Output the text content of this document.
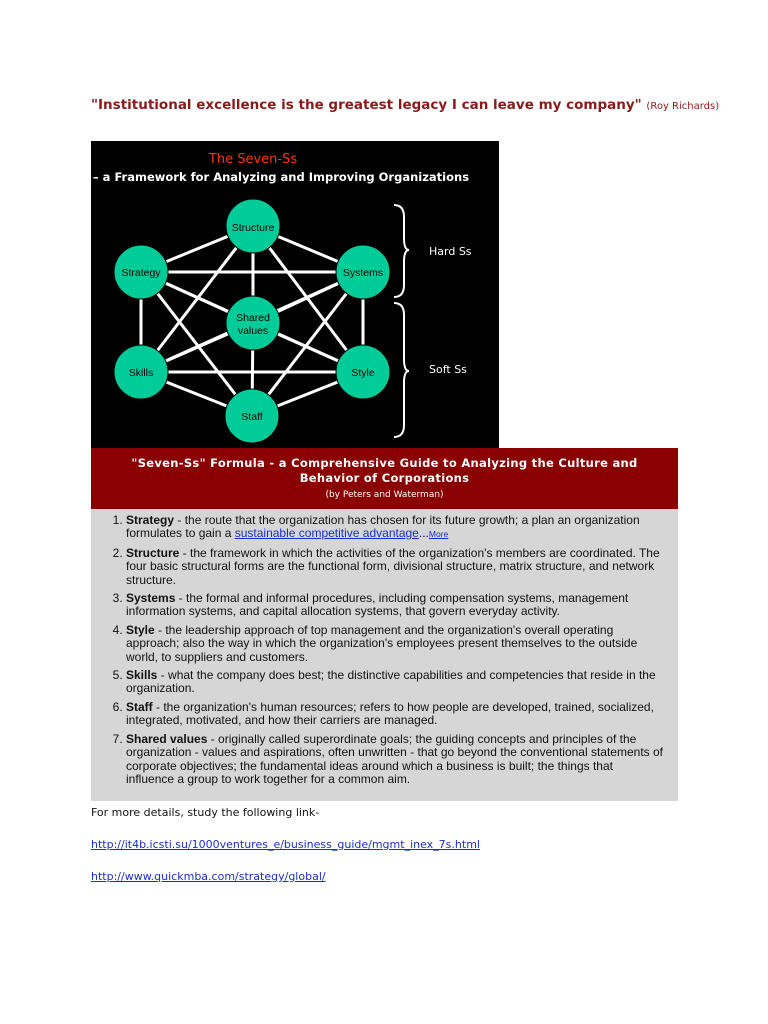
"Institutional excellence is the greatest legacy I can leave my company" (Roy Richards)
The Seven-Ss
– a Framework for Analyzing and Improving Organizations
Structure
Strategy	Systems
Shared
values
Skills	Style
Staff
Hard Ss
Soft Ss
"Seven-Ss" Formula - a Comprehensive Guide to Analyzing the Culture and Behavior of Corporations
(by Peters and Waterman)
1. Strategy - the route that the organization has chosen for its future growth; a plan an organization formulates to gain a sustainable competitive advantage...More
2. Structure - the framework in which the activities of the organization's members are coordinated. The four basic structural forms are the functional form, divisional structure, matrix structure, and network structure.
3. Systems - the formal and informal procedures, including compensation systems, management information systems, and capital allocation systems, that govern everyday activity.
4. Style - the leadership approach of top management and the organization's overall operating approach; also the way in which the organization's employees present themselves to the outside world, to suppliers and customers.
5. Skills - what the company does best; the distinctive capabilities and competencies that reside in the organization.
6. Staff - the organization's human resources; refers to how people are developed, trained, socialized, integrated, motivated, and how their carriers are managed.
7. Shared values - originally called superordinate goals; the guiding concepts and principles of the organization - values and aspirations, often unwritten - that go beyond the conventional statements of corporate objectives; the fundamental ideas around which a business is built; the things that influence a group to work together for a common aim.
For more details, study the following link-
http://it4b.icsti.su/1000ventures_e/business_guide/mgmt_inex_7s.html
http://www.quickmba.com/strategy/global/
